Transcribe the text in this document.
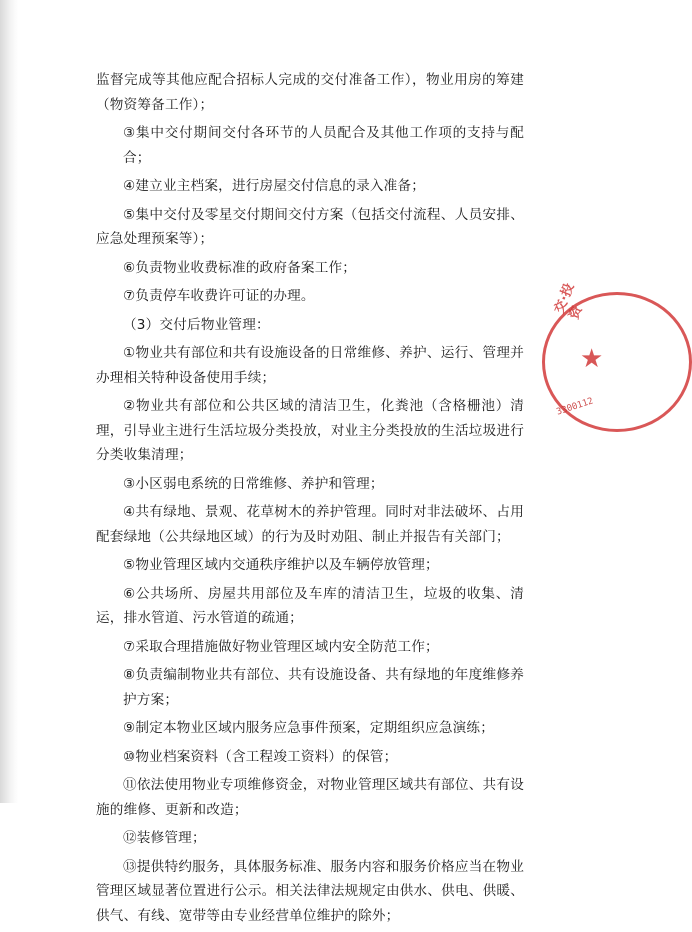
监督完成等其他应配合招标人完成的交付准备工作），物业用房的筹建（物资筹备工作）；

③集中交付期间交付各环节的人员配合及其他工作项的支持与配合；

④建立业主档案，进行房屋交付信息的录入准备；

⑤集中交付及零星交付期间交付方案（包括交付流程、人员安排、应急处理预案等）；

⑥负责物业收费标准的政府备案工作；

⑦负责停车收费许可证的办理。

（3）交付后物业管理：

①物业共有部位和共有设施设备的日常维修、养护、运行、管理并办理相关特种设备使用手续；

②物业共有部位和公共区域的清洁卫生，化粪池（含格栅池）清理，引导业主进行生活垃圾分类投放，对业主分类投放的生活垃圾进行分类收集清理；

③小区弱电系统的日常维修、养护和管理；

④共有绿地、景观、花草树木的养护管理。同时对非法破坏、占用配套绿地（公共绿地区域）的行为及时劝阻、制止并报告有关部门；

⑤物业管理区域内交通秩序维护以及车辆停放管理；

⑥公共场所、房屋共用部位及车库的清洁卫生，垃圾的收集、清运，排水管道、污水管道的疏通；

⑦采取合理措施做好物业管理区域内安全防范工作；

⑧负责编制物业共有部位、共有设施设备、共有绿地的年度维修养护方案；

⑨制定本物业区域内服务应急事件预案，定期组织应急演练；

⑩物业档案资料（含工程竣工资料）的保管；

⑪依法使用物业专项维修资金，对物业管理区域共有部位、共有设施的维修、更新和改造；

⑫装修管理；

⑬提供特约服务，具体服务标准、服务内容和服务价格应当在物业管理区域显著位置进行公示。相关法律法规规定由供水、供电、供暖、供气、有线、宽带等由专业经营单位维护的除外；

交·投资
★
3300112
